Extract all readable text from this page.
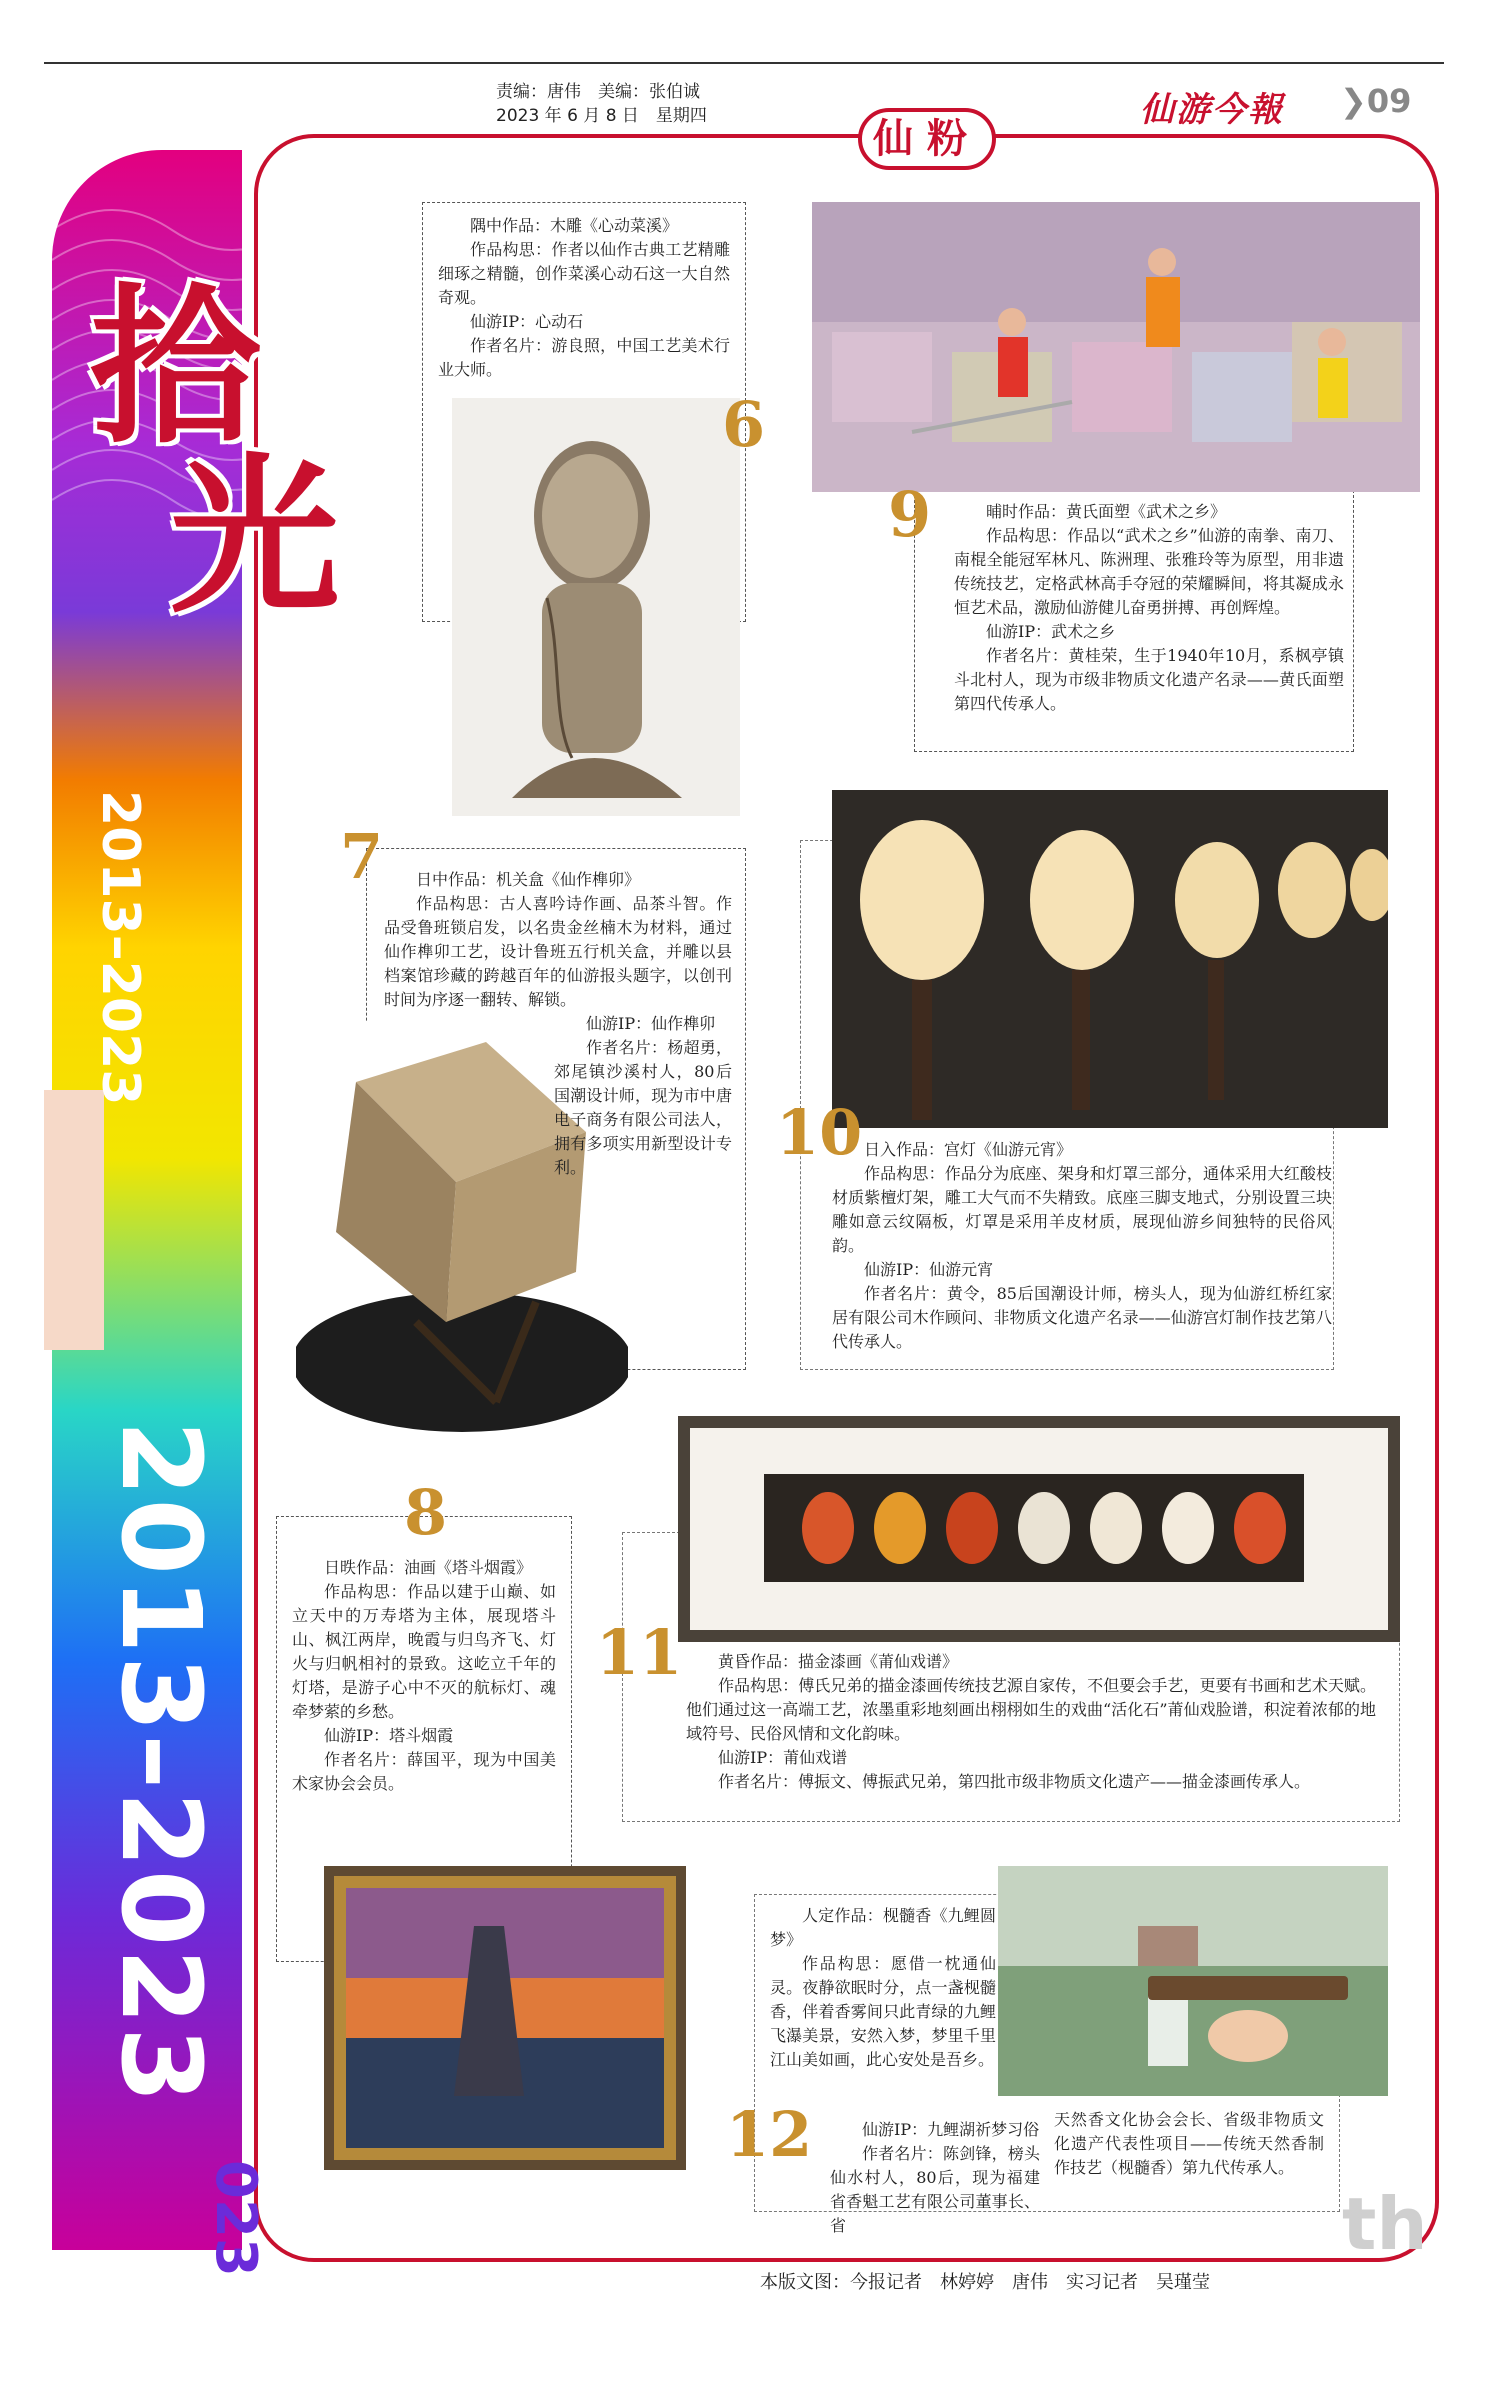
责编：唐伟　美编：张伯诚
2023 年 6 月 8 日　星期四	仙游今報 ❯09
仙粉
拾
光
2013–2023
2013–2023
023

隅中作品：木雕《心动菜溪》

作品构思：作者以仙作古典工艺精雕细琢之精髓，创作菜溪心动石这一大自然奇观。

仙游IP：心动石

作者名片：游良照，中国工艺美术行业大师。

6

晡时作品：黄氏面塑《武术之乡》

作品构思：作品以“武术之乡”仙游的南拳、南刀、南棍全能冠军林凡、陈洲理、张雅玲等为原型，用非遗传统技艺，定格武林高手夺冠的荣耀瞬间，将其凝成永恒艺术品，激励仙游健儿奋勇拼搏、再创辉煌。

仙游IP：武术之乡

作者名片：黄桂荣，生于1940年10月，系枫亭镇斗北村人，现为市级非物质文化遗产名录——黄氏面塑第四代传承人。

9

日中作品：机关盒《仙作榫卯》

作品构思：古人喜吟诗作画、品茶斗智。作品受鲁班锁启发，以名贵金丝楠木为材料，通过仙作榫卯工艺，设计鲁班五行机关盒，并雕以县档案馆珍藏的跨越百年的仙游报头题字，以创刊时间为序逐一翻转、解锁。

仙游IP：仙作榫卯

作者名片：杨超勇，郊尾镇沙溪村人，80后国潮设计师，现为市中唐电子商务有限公司法人，拥有多项实用新型设计专利。

7

日入作品：宫灯《仙游元宵》

作品构思：作品分为底座、架身和灯罩三部分，通体采用大红酸枝材质紫檀灯架，雕工大气而不失精致。底座三脚支地式，分别设置三块雕如意云纹隔板，灯罩是采用羊皮材质，展现仙游乡间独特的民俗风韵。

仙游IP：仙游元宵

作者名片：黄令，85后国潮设计师，榜头人，现为仙游红桥红家居有限公司木作顾问、非物质文化遗产名录——仙游宫灯制作技艺第八代传承人。

10

黄昏作品：描金漆画《莆仙戏谱》

作品构思：傅氏兄弟的描金漆画传统技艺源自家传，不但要会手艺，更要有书画和艺术天赋。他们通过这一高端工艺，浓墨重彩地刻画出栩栩如生的戏曲“活化石”莆仙戏脸谱，积淀着浓郁的地域符号、民俗风情和文化韵味。

仙游IP：莆仙戏谱

作者名片：傅振文、傅振武兄弟，第四批市级非物质文化遗产——描金漆画传承人。

11

日昳作品：油画《塔斗烟霞》

作品构思：作品以建于山巅、如立天中的万寿塔为主体，展现塔斗山、枫江两岸，晚霞与归鸟齐飞、灯火与归帆相衬的景致。这屹立千年的灯塔，是游子心中不灭的航标灯、魂牵梦萦的乡愁。

仙游IP：塔斗烟霞

作者名片：薛国平，现为中国美术家协会会员。

8

人定作品：枧髓香《九鲤圆梦》

作品构思：愿借一枕通仙灵。夜静欲眠时分，点一盏枧髓香，伴着香雾间只此青绿的九鲤飞瀑美景，安然入梦，梦里千里江山美如画，此心安处是吾乡。

仙游IP：九鲤湖祈梦习俗

作者名片：陈剑锋，榜头仙水村人，80后，现为福建省香魁工艺有限公司董事长、省

天然香文化协会会长、省级非物质文化遗产代表性项目——传统天然香制作技艺（枧髓香）第九代传承人。

12
th
本版文图：今报记者　林婷婷　唐伟　实习记者　吴瑾莹
